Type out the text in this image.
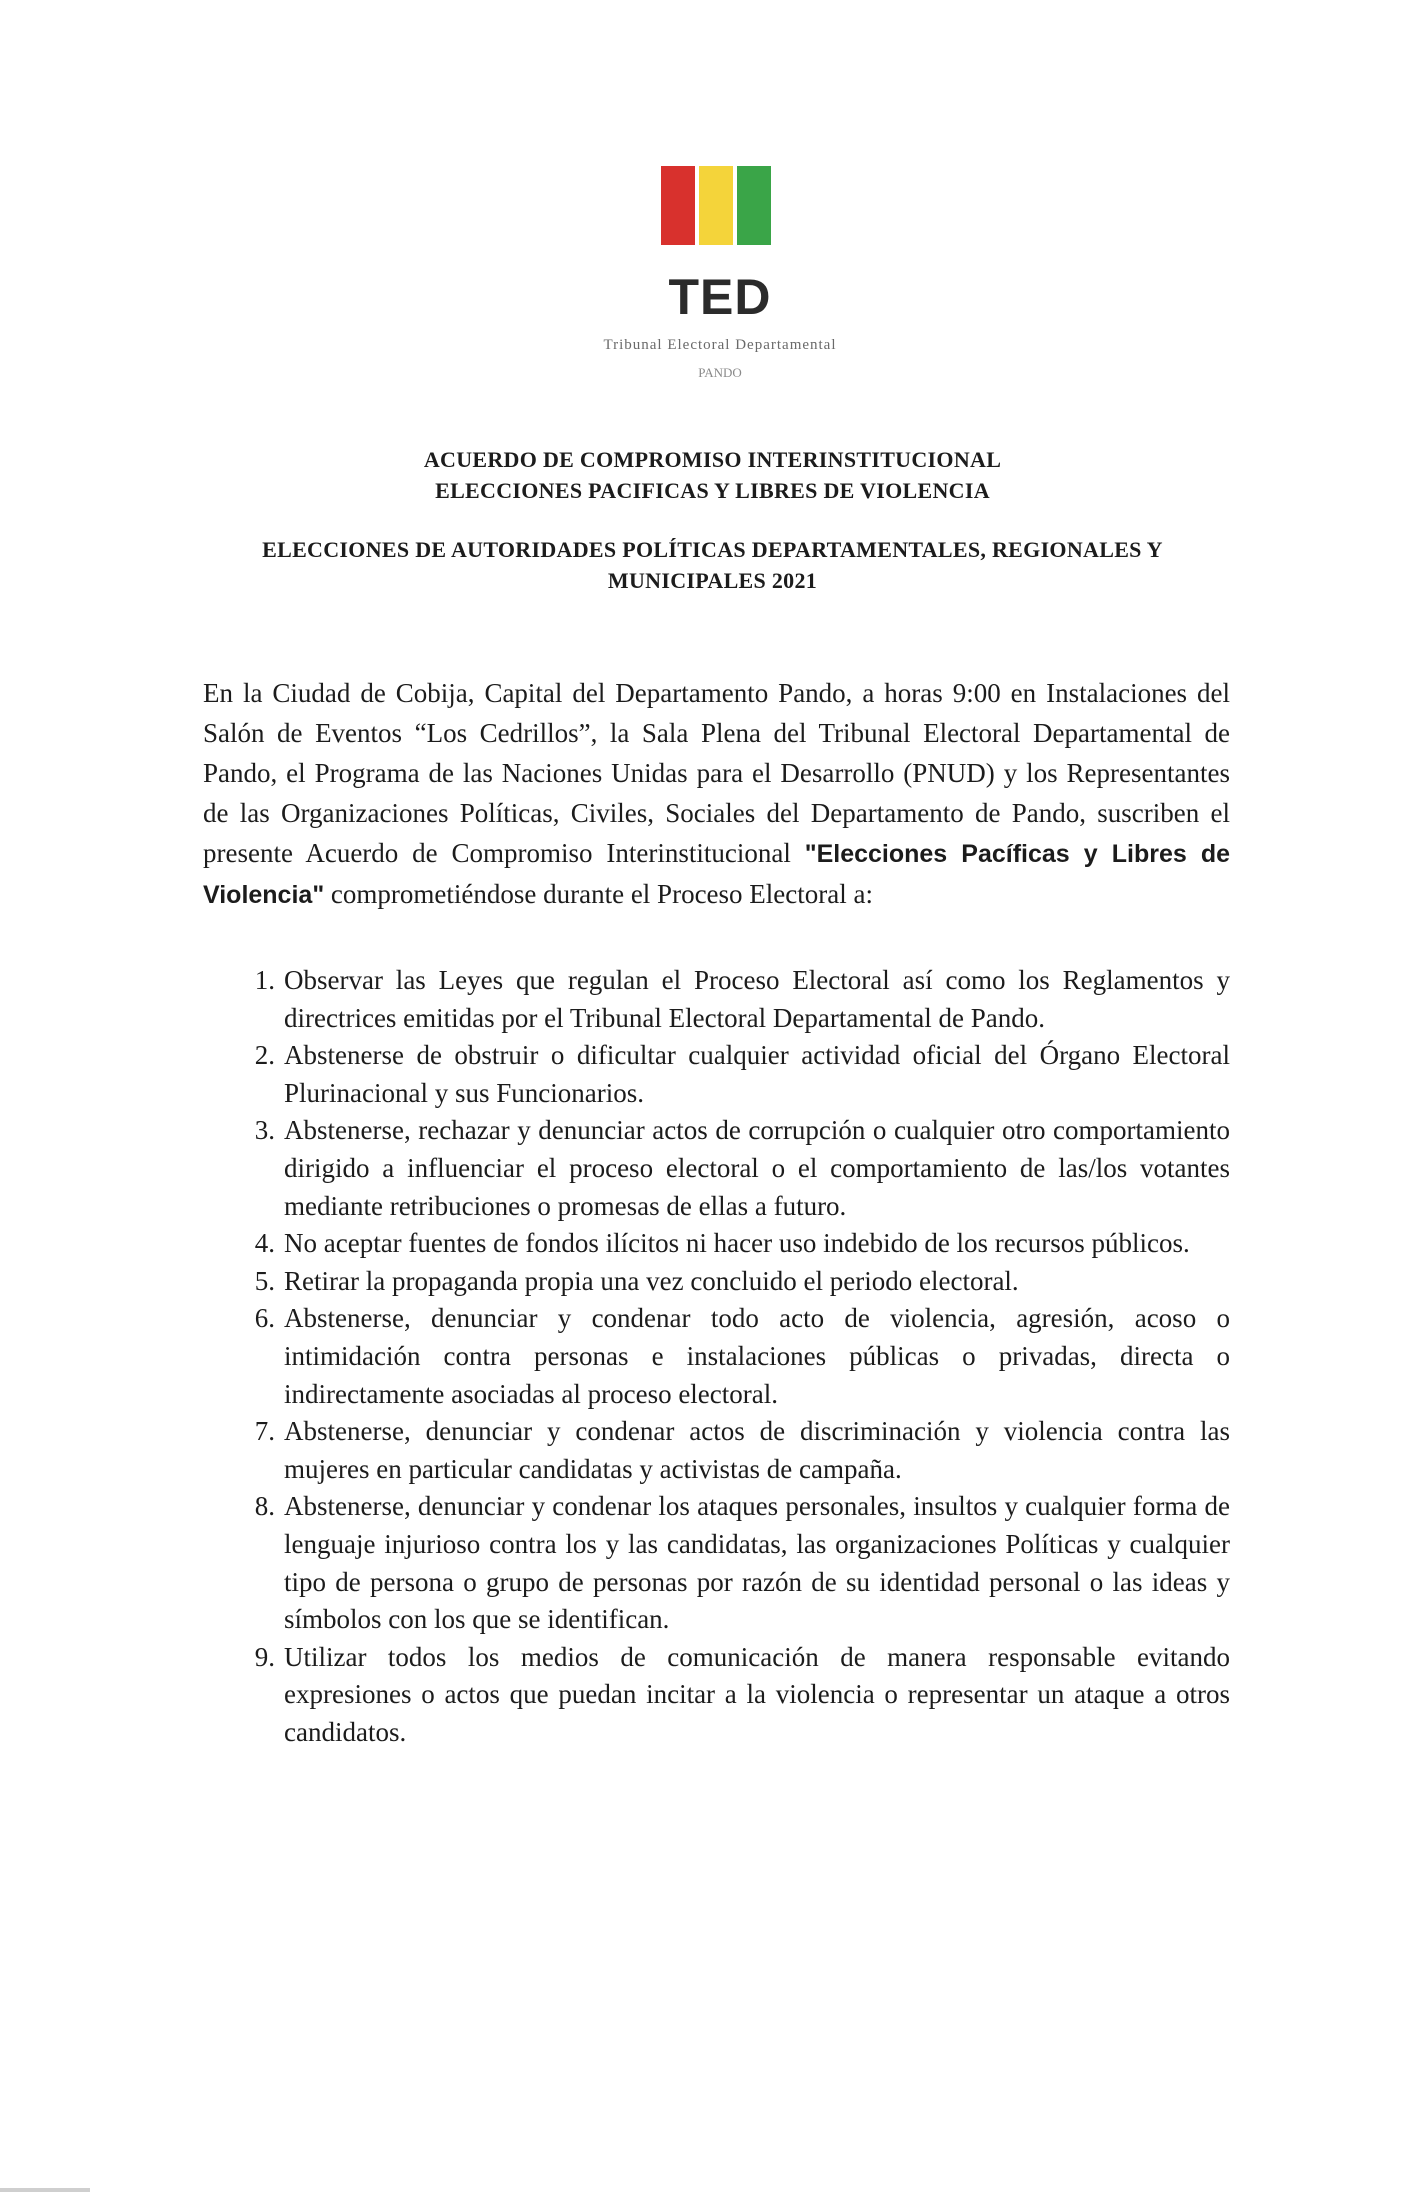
TED
Tribunal Electoral Departamental
PANDO
ACUERDO DE COMPROMISO INTERINSTITUCIONAL
ELECCIONES PACIFICAS Y LIBRES DE VIOLENCIA
ELECCIONES DE AUTORIDADES POLÍTICAS DEPARTAMENTALES, REGIONALES Y
MUNICIPALES 2021
En la Ciudad de Cobija, Capital del Departamento Pando, a horas 9:00 en Instalaciones del Salón de Eventos “Los Cedrillos”, la Sala Plena del Tribunal Electoral Departamental de Pando, el Programa de las Naciones Unidas para el Desarrollo (PNUD) y los Representantes de las Organizaciones Políticas, Civiles, Sociales del Departamento de Pando, suscriben el presente Acuerdo de Compromiso Interinstitucional "Elecciones Pacíficas y Libres de Violencia" comprometiéndose durante el Proceso Electoral a:
1. Observar las Leyes que regulan el Proceso Electoral así como los Reglamentos y directrices emitidas por el Tribunal Electoral Departamental de Pando.
2. Abstenerse de obstruir o dificultar cualquier actividad oficial del Órgano Electoral Plurinacional y sus Funcionarios.
3. Abstenerse, rechazar y denunciar actos de corrupción o cualquier otro comportamiento dirigido a influenciar el proceso electoral o el comportamiento de las/los votantes mediante retribuciones o promesas de ellas a futuro.
4. No aceptar fuentes de fondos ilícitos ni hacer uso indebido de los recursos públicos.
5. Retirar la propaganda propia una vez concluido el periodo electoral.
6. Abstenerse, denunciar y condenar todo acto de violencia, agresión, acoso o intimidación contra personas e instalaciones públicas o privadas, directa o indirectamente asociadas al proceso electoral.
7. Abstenerse, denunciar y condenar actos de discriminación y violencia contra las mujeres en particular candidatas y activistas de campaña.
8. Abstenerse, denunciar y condenar los ataques personales, insultos y cualquier forma de lenguaje injurioso contra los y las candidatas, las organizaciones Políticas y cualquier tipo de persona o grupo de personas por razón de su identidad personal o las ideas y símbolos con los que se identifican.
9. Utilizar todos los medios de comunicación de manera responsable evitando expresiones o actos que puedan incitar a la violencia o representar un ataque a otros candidatos.
